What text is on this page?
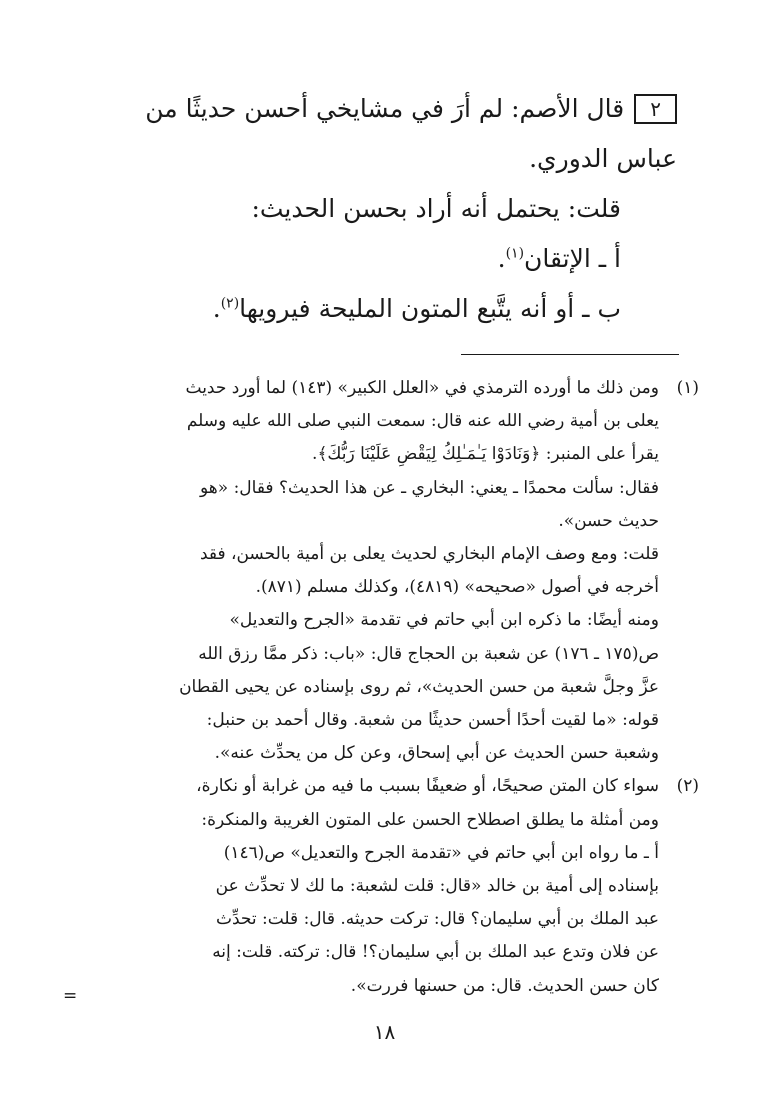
٢قال الأصم: لم أرَ في مشايخي أحسن حديثًا من
عباس الدوري.
قلت: يحتمل أنه أراد بحسن الحديث:
أ ـ الإتقان$^{(١)}$.
ب ـ أو أنه يتَّبع المتون المليحة فيرويها$^{(٢)}$.
(١)
ومن ذلك ما أورده الترمذي في «العلل الكبير» (١٤٣) لما أورد حديث
يعلى بن أمية رضي الله عنه قال: سمعت النبي صلى الله عليه وسلم
يقرأ على المنبر: ﴿وَنَادَوْا يَـٰمَـٰلِكُ لِيَقْضِ عَلَيْنَا رَبُّكَ﴾.
فقال: سألت محمدًا ـ يعني: البخاري ـ عن هذا الحديث؟ فقال: «هو
حديث حسن».
قلت: ومع وصف الإمام البخاري لحديث يعلى بن أمية بالحسن، فقد
أخرجه في أصول «صحيحه» (٤٨١٩)، وكذلك مسلم (٨٧١).
ومنه أيضًا: ما ذكره ابن أبي حاتم في تقدمة «الجرح والتعديل»
ص(١٧٥ ـ ١٧٦) عن شعبة بن الحجاج قال: «باب: ذكر ممَّا رزق الله
عزَّ وجلَّ شعبة من حسن الحديث»، ثم روى بإسناده عن يحيى القطان
قوله: «ما لقيت أحدًا أحسن حديثًا من شعبة. وقال أحمد بن حنبل:
وشعبة حسن الحديث عن أبي إسحاق، وعن كل من يحدِّث عنه».
(٢)
سواء كان المتن صحيحًا، أو ضعيفًا بسبب ما فيه من غرابة أو نكارة،
ومن أمثلة ما يطلق اصطلاح الحسن على المتون الغريبة والمنكرة:
أ ـ ما رواه ابن أبي حاتم في «تقدمة الجرح والتعديل» ص(١٤٦)
بإسناده إلى أمية بن خالد «قال: قلت لشعبة: ما لك لا تحدِّث عن
عبد الملك بن أبي سليمان؟ قال: تركت حديثه. قال: قلت: تحدِّث
عن فلان وتدع عبد الملك بن أبي سليمان؟! قال: تركته. قلت: إنه
كان حسن الحديث. قال: من حسنها فررت».
=
١٨
